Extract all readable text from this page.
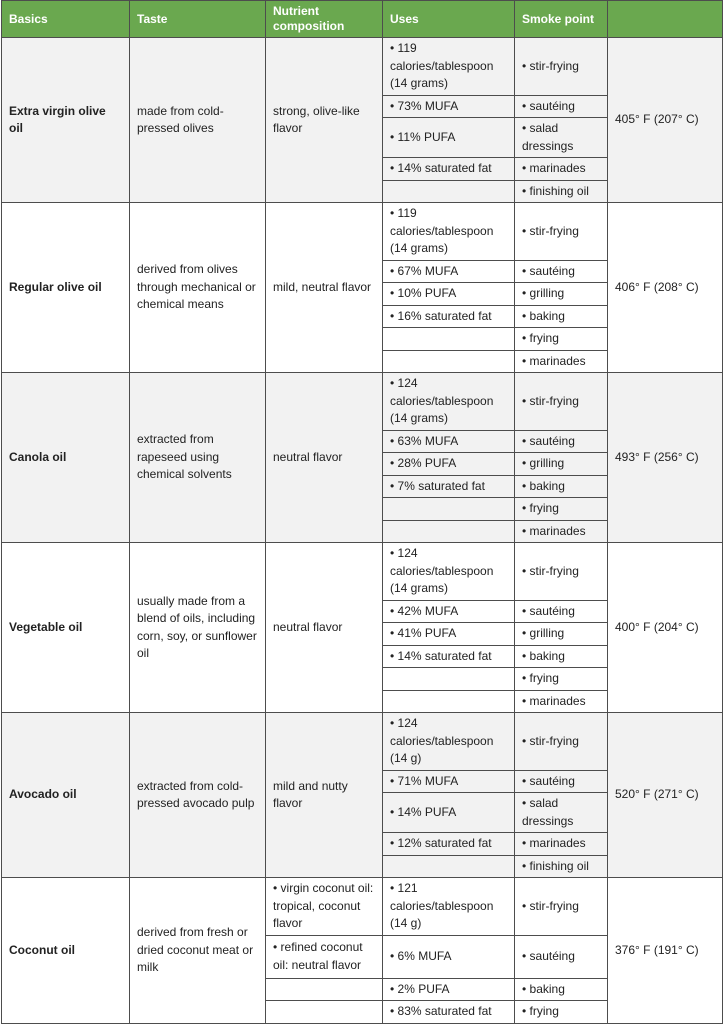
Basics	Taste	Nutrient composition	Uses	Smoke point	
Extra virgin olive oil	made from cold-pressed olives	strong, olive-like flavor	• 119 calories/tablespoon (14 grams)	• stir-frying	405° F (207° C)
			• 73% MUFA	• sautéing	
			• 11% PUFA	• salad dressings	
			• 14% saturated fat	• marinades	
				• finishing oil	
Regular olive oil	derived from olives through mechanical or chemical means	mild, neutral flavor	• 119 calories/tablespoon (14 grams)	• stir-frying	406° F (208° C)
			• 67% MUFA	• sautéing	
			• 10% PUFA	• grilling	
			• 16% saturated fat	• baking	
				• frying	
				• marinades	
Canola oil	extracted from rapeseed using chemical solvents	neutral flavor	• 124 calories/tablespoon (14 grams)	• stir-frying	493° F (256° C)
			• 63% MUFA	• sautéing	
			• 28% PUFA	• grilling	
			• 7% saturated fat	• baking	
				• frying	
				• marinades	
Vegetable oil	usually made from a blend of oils, including corn, soy, or sunflower oil	neutral flavor	• 124 calories/tablespoon (14 grams)	• stir-frying	400° F (204° C)
			• 42% MUFA	• sautéing	
			• 41% PUFA	• grilling	
			• 14% saturated fat	• baking	
				• frying	
				• marinades	
Avocado oil	extracted from cold-pressed avocado pulp	mild and nutty flavor	• 124 calories/tablespoon (14 g)	• stir-frying	520° F (271° C)
			• 71% MUFA	• sautéing	
			• 14% PUFA	• salad dressings	
			• 12% saturated fat	• marinades	
				• finishing oil	
Coconut oil	derived from fresh or dried coconut meat or milk	• virgin coconut oil: tropical, coconut flavor	• 121 calories/tablespoon (14 g)	• stir-frying	376° F (191° C)
		• refined coconut oil: neutral flavor	• 6% MUFA	• sautéing	
			• 2% PUFA	• baking	
			• 83% saturated fat	• frying	
